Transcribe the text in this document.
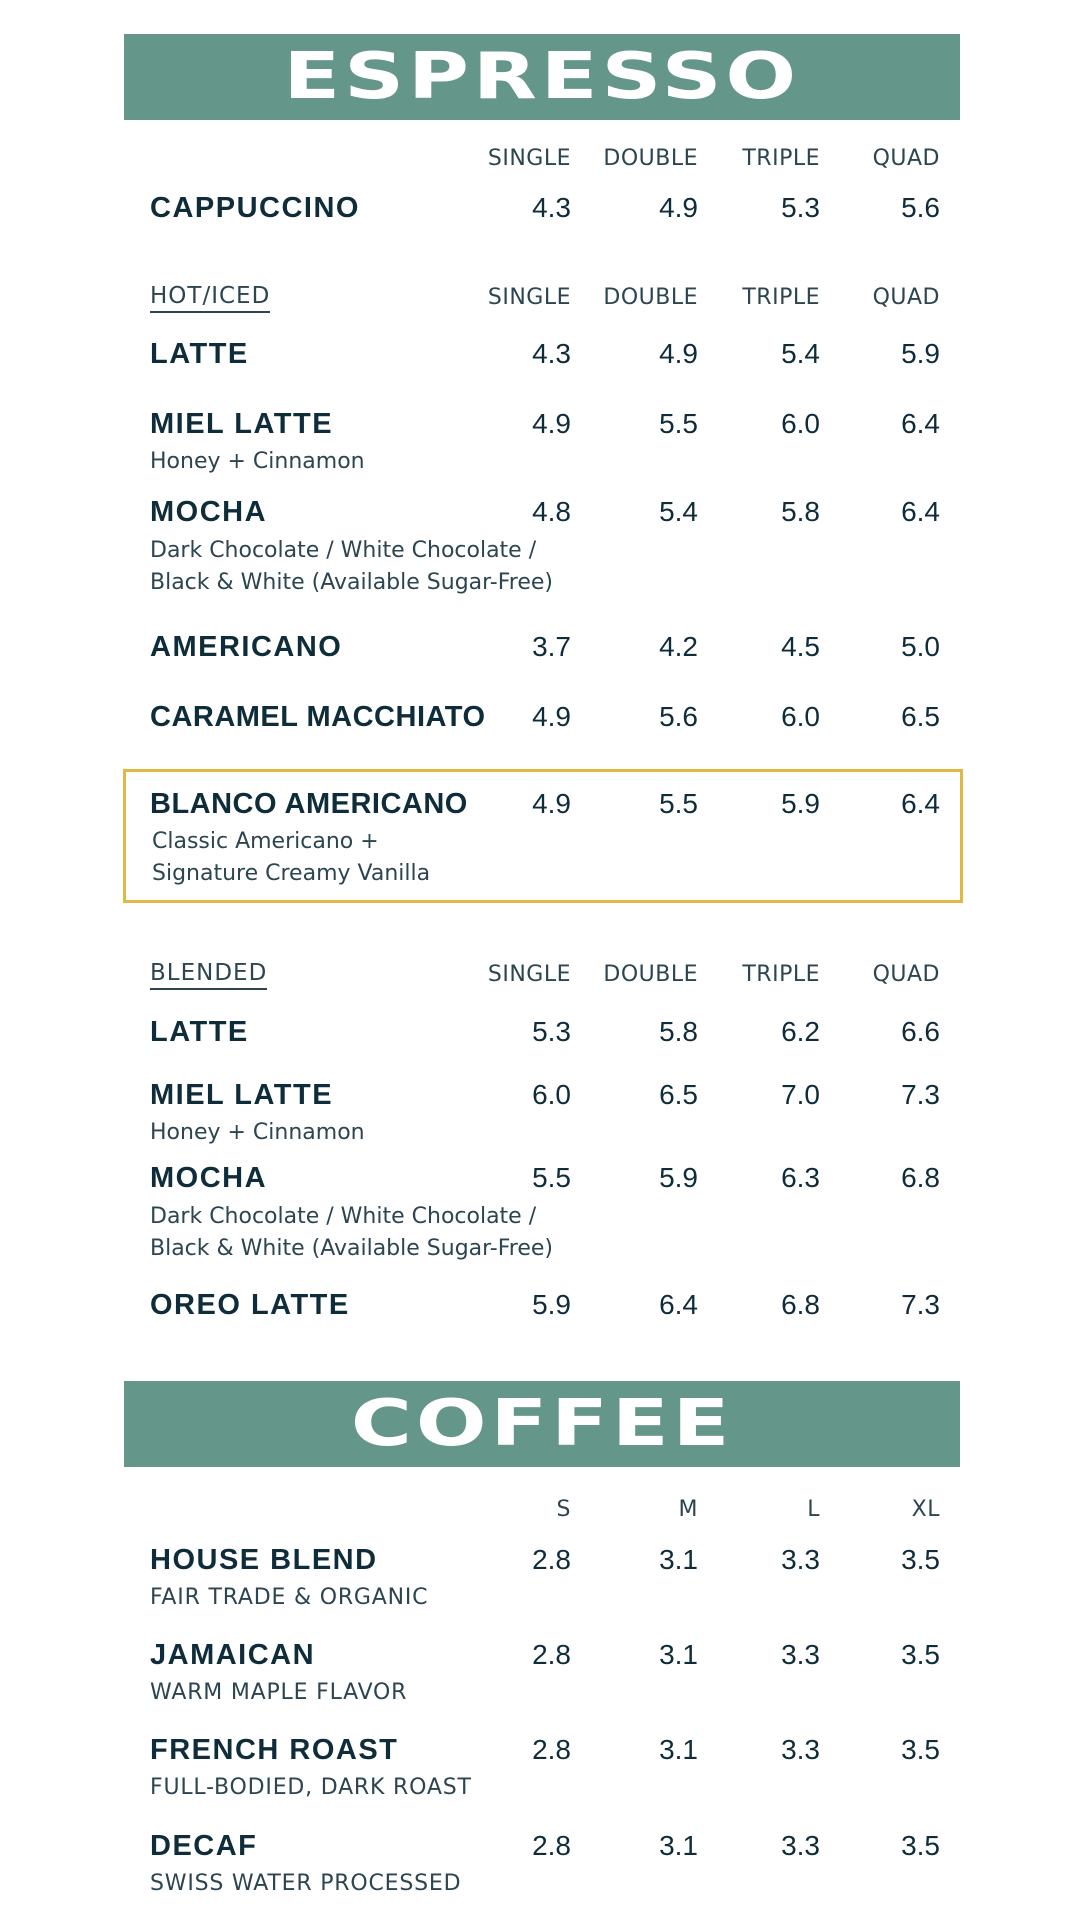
ESPRESSO
SINGLE	DOUBLE	TRIPLE	QUAD
CAPPUCCINO	4.3	4.9	5.3	5.6
HOT/ICED	SINGLE	DOUBLE	TRIPLE	QUAD
LATTE	4.3	4.9	5.4	5.9
MIEL LATTE
Honey + Cinnamon
4.9	5.5	6.0	6.4
MOCHA
Dark Chocolate / White Chocolate /
Black & White (Available Sugar-Free)
4.8	5.4	5.8	6.4
AMERICANO	3.7	4.2	4.5	5.0
CARAMEL MACCHIATO	4.9	5.6	6.0	6.5
BLANCO AMERICANO
Classic Americano +
Signature Creamy Vanilla
4.9	5.5	5.9	6.4
BLENDED	SINGLE	DOUBLE	TRIPLE	QUAD
LATTE	5.3	5.8	6.2	6.6
MIEL LATTE
Honey + Cinnamon
6.0	6.5	7.0	7.3
MOCHA
Dark Chocolate / White Chocolate /
Black & White (Available Sugar-Free)
5.5	5.9	6.3	6.8
OREO LATTE	5.9	6.4	6.8	7.3
COFFEE
S	M	L	XL
HOUSE BLEND
FAIR TRADE & ORGANIC
2.8	3.1	3.3	3.5
JAMAICAN
WARM MAPLE FLAVOR
2.8	3.1	3.3	3.5
FRENCH ROAST
FULL-BODIED, DARK ROAST
2.8	3.1	3.3	3.5
DECAF
SWISS WATER PROCESSED
2.8	3.1	3.3	3.5
